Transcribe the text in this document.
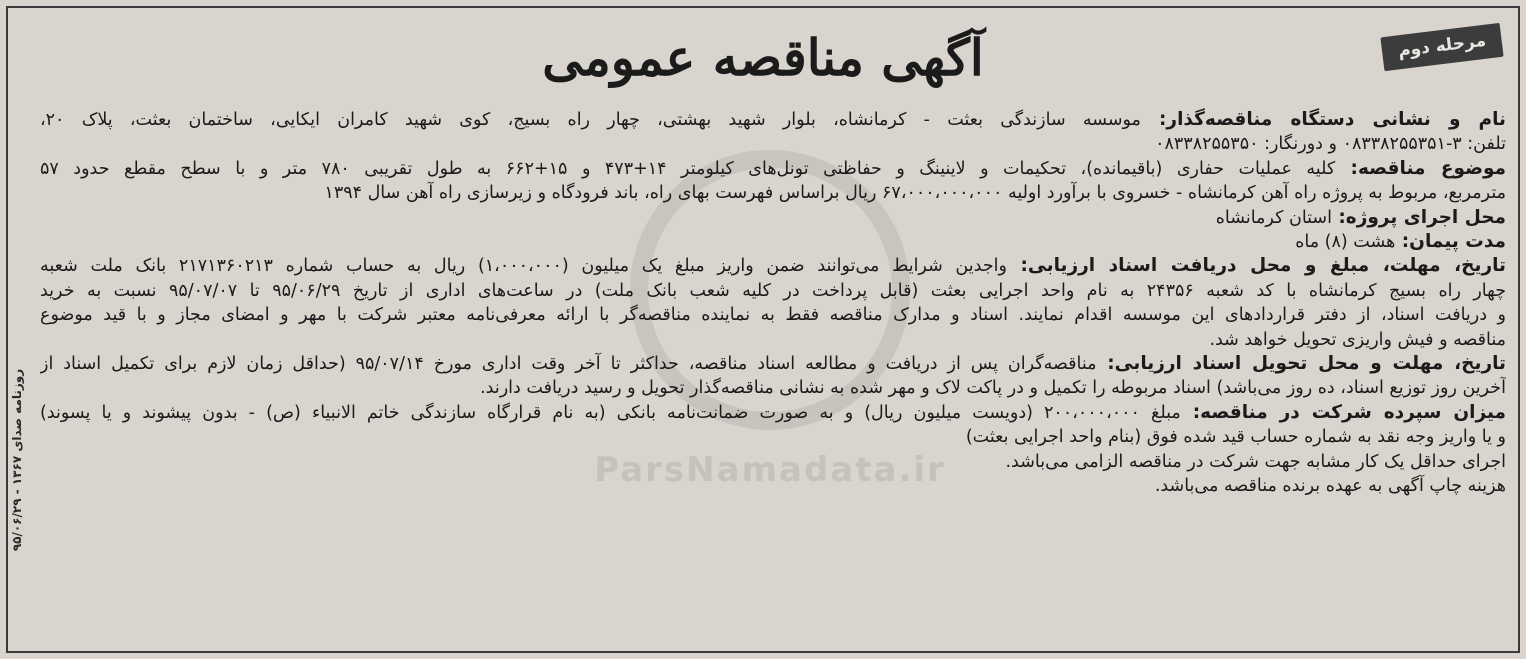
ParsNamadata.ir
روزنامه صدای ۱۳۶۷ - ۹۵/۰۶/۲۹
مرحله دوم
آگهی مناقصه عمومی
نام و نشانی دستگاه مناقصه‌گذار: موسسه سازندگی بعثت - کرمانشاه، بلوار شهید بهشتی، چهار راه بسیج، کوی شهید کامران ایکایی، ساختمان بعثت، پلاک ۲۰،
تلفن: ۳-۰۸۳۳۸۲۵۵۳۵۱ و دورنگار: ۰۸۳۳۸۲۵۵۳۵۰
موضوع مناقصه: کلیه عملیات حفاری (باقیمانده)، تحکیمات و لاینینگ و حفاظتی تونل‌های کیلومتر ۱۴+۴۷۳ و ۱۵+۶۶۲ به طول تقریبی ۷۸۰ متر و با سطح مقطع حدود ۵۷
مترمربع، مربوط به پروژه راه آهن کرمانشاه - خسروی با برآورد اولیه ۶۷،۰۰۰،۰۰۰،۰۰۰ ریال براساس فهرست بهای راه، باند فرودگاه و زیرسازی راه آهن سال ۱۳۹۴
محل اجرای پروژه: استان کرمانشاه
مدت پیمان: هشت (۸) ماه
تاریخ، مهلت، مبلغ و محل دریافت اسناد ارزیابی: واجدین شرایط می‌توانند ضمن واریز مبلغ یک میلیون (۱،۰۰۰،۰۰۰) ریال به حساب شماره ۲۱۷۱۳۶۰۲۱۳ بانک ملت شعبه
چهار راه بسیج کرمانشاه با کد شعبه ۲۴۳۵۶ به نام واحد اجرایی بعثت (قابل پرداخت در کلیه شعب بانک ملت) در ساعت‌های اداری از تاریخ ۹۵/۰۶/۲۹ تا ۹۵/۰۷/۰۷ نسبت به خرید
و دریافت اسناد، از دفتر قراردادهای این موسسه اقدام نمایند. اسناد و مدارک مناقصه فقط به نماینده مناقصه‌گر با ارائه معرفی‌نامه معتبر شرکت با مهر و امضای مجاز و با قید موضوع
مناقصه و فیش واریزی تحویل خواهد شد.
تاریخ، مهلت و محل تحویل اسناد ارزیابی: مناقصه‌گران پس از دریافت و مطالعه اسناد مناقصه، حداکثر تا آخر وقت اداری مورخ ۹۵/۰۷/۱۴ (حداقل زمان لازم برای تکمیل اسناد از
آخرین روز توزیع اسناد، ده روز می‌باشد) اسناد مربوطه را تکمیل و در پاکت لاک و مهر شده به نشانی مناقصه‌گذار تحویل و رسید دریافت دارند.
میزان سپرده شرکت در مناقصه: مبلغ ۲۰۰،۰۰۰،۰۰۰ (دویست میلیون ریال) و به صورت ضمانت‌نامه بانکی (به نام قرارگاه سازندگی خاتم الانبیاء (ص) - بدون پیشوند و یا پسوند)
و یا واریز وجه نقد به شماره حساب قید شده فوق (بنام واحد اجرایی بعثت)
اجرای حداقل یک کار مشابه جهت شرکت در مناقصه الزامی می‌باشد.
هزینه چاپ آگهی به عهده برنده مناقصه می‌باشد.
